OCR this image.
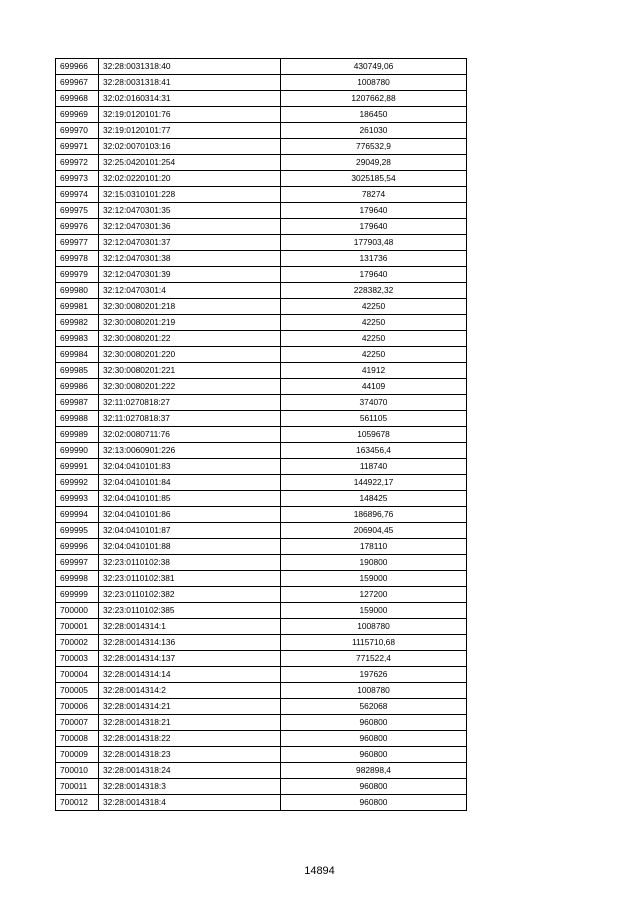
699966	32:28:0031318:40	430749,06
699967	32:28:0031318:41	1008780
699968	32:02:0160314:31	1207662,88
699969	32:19:0120101:76	186450
699970	32:19:0120101:77	261030
699971	32:02:0070103:16	776532,9
699972	32:25:0420101:254	29049,28
699973	32:02:0220101:20	3025185,54
699974	32:15:0310101:228	78274
699975	32:12:0470301:35	179640
699976	32:12:0470301:36	179640
699977	32:12:0470301:37	177903,48
699978	32:12:0470301:38	131736
699979	32:12:0470301:39	179640
699980	32:12:0470301:4	228382,32
699981	32:30:0080201:218	42250
699982	32:30:0080201:219	42250
699983	32:30:0080201:22	42250
699984	32:30:0080201:220	42250
699985	32:30:0080201:221	41912
699986	32:30:0080201:222	44109
699987	32:11:0270818:27	374070
699988	32:11:0270818:37	561105
699989	32:02:0080711:76	1059678
699990	32:13:0060901:226	163456,4
699991	32:04:0410101:83	118740
699992	32:04:0410101:84	144922,17
699993	32:04:0410101:85	148425
699994	32:04:0410101:86	186896,76
699995	32:04:0410101:87	206904,45
699996	32:04:0410101:88	178110
699997	32:23:0110102:38	190800
699998	32:23:0110102:381	159000
699999	32:23:0110102:382	127200
700000	32:23:0110102:385	159000
700001	32:28:0014314:1	1008780
700002	32:28:0014314:136	1115710,68
700003	32:28:0014314:137	771522,4
700004	32:28:0014314:14	197626
700005	32:28:0014314:2	1008780
700006	32:28:0014314:21	562068
700007	32:28:0014318:21	960800
700008	32:28:0014318:22	960800
700009	32:28:0014318:23	960800
700010	32:28:0014318:24	982898,4
700011	32:28:0014318:3	960800
700012	32:28:0014318:4	960800
14894
